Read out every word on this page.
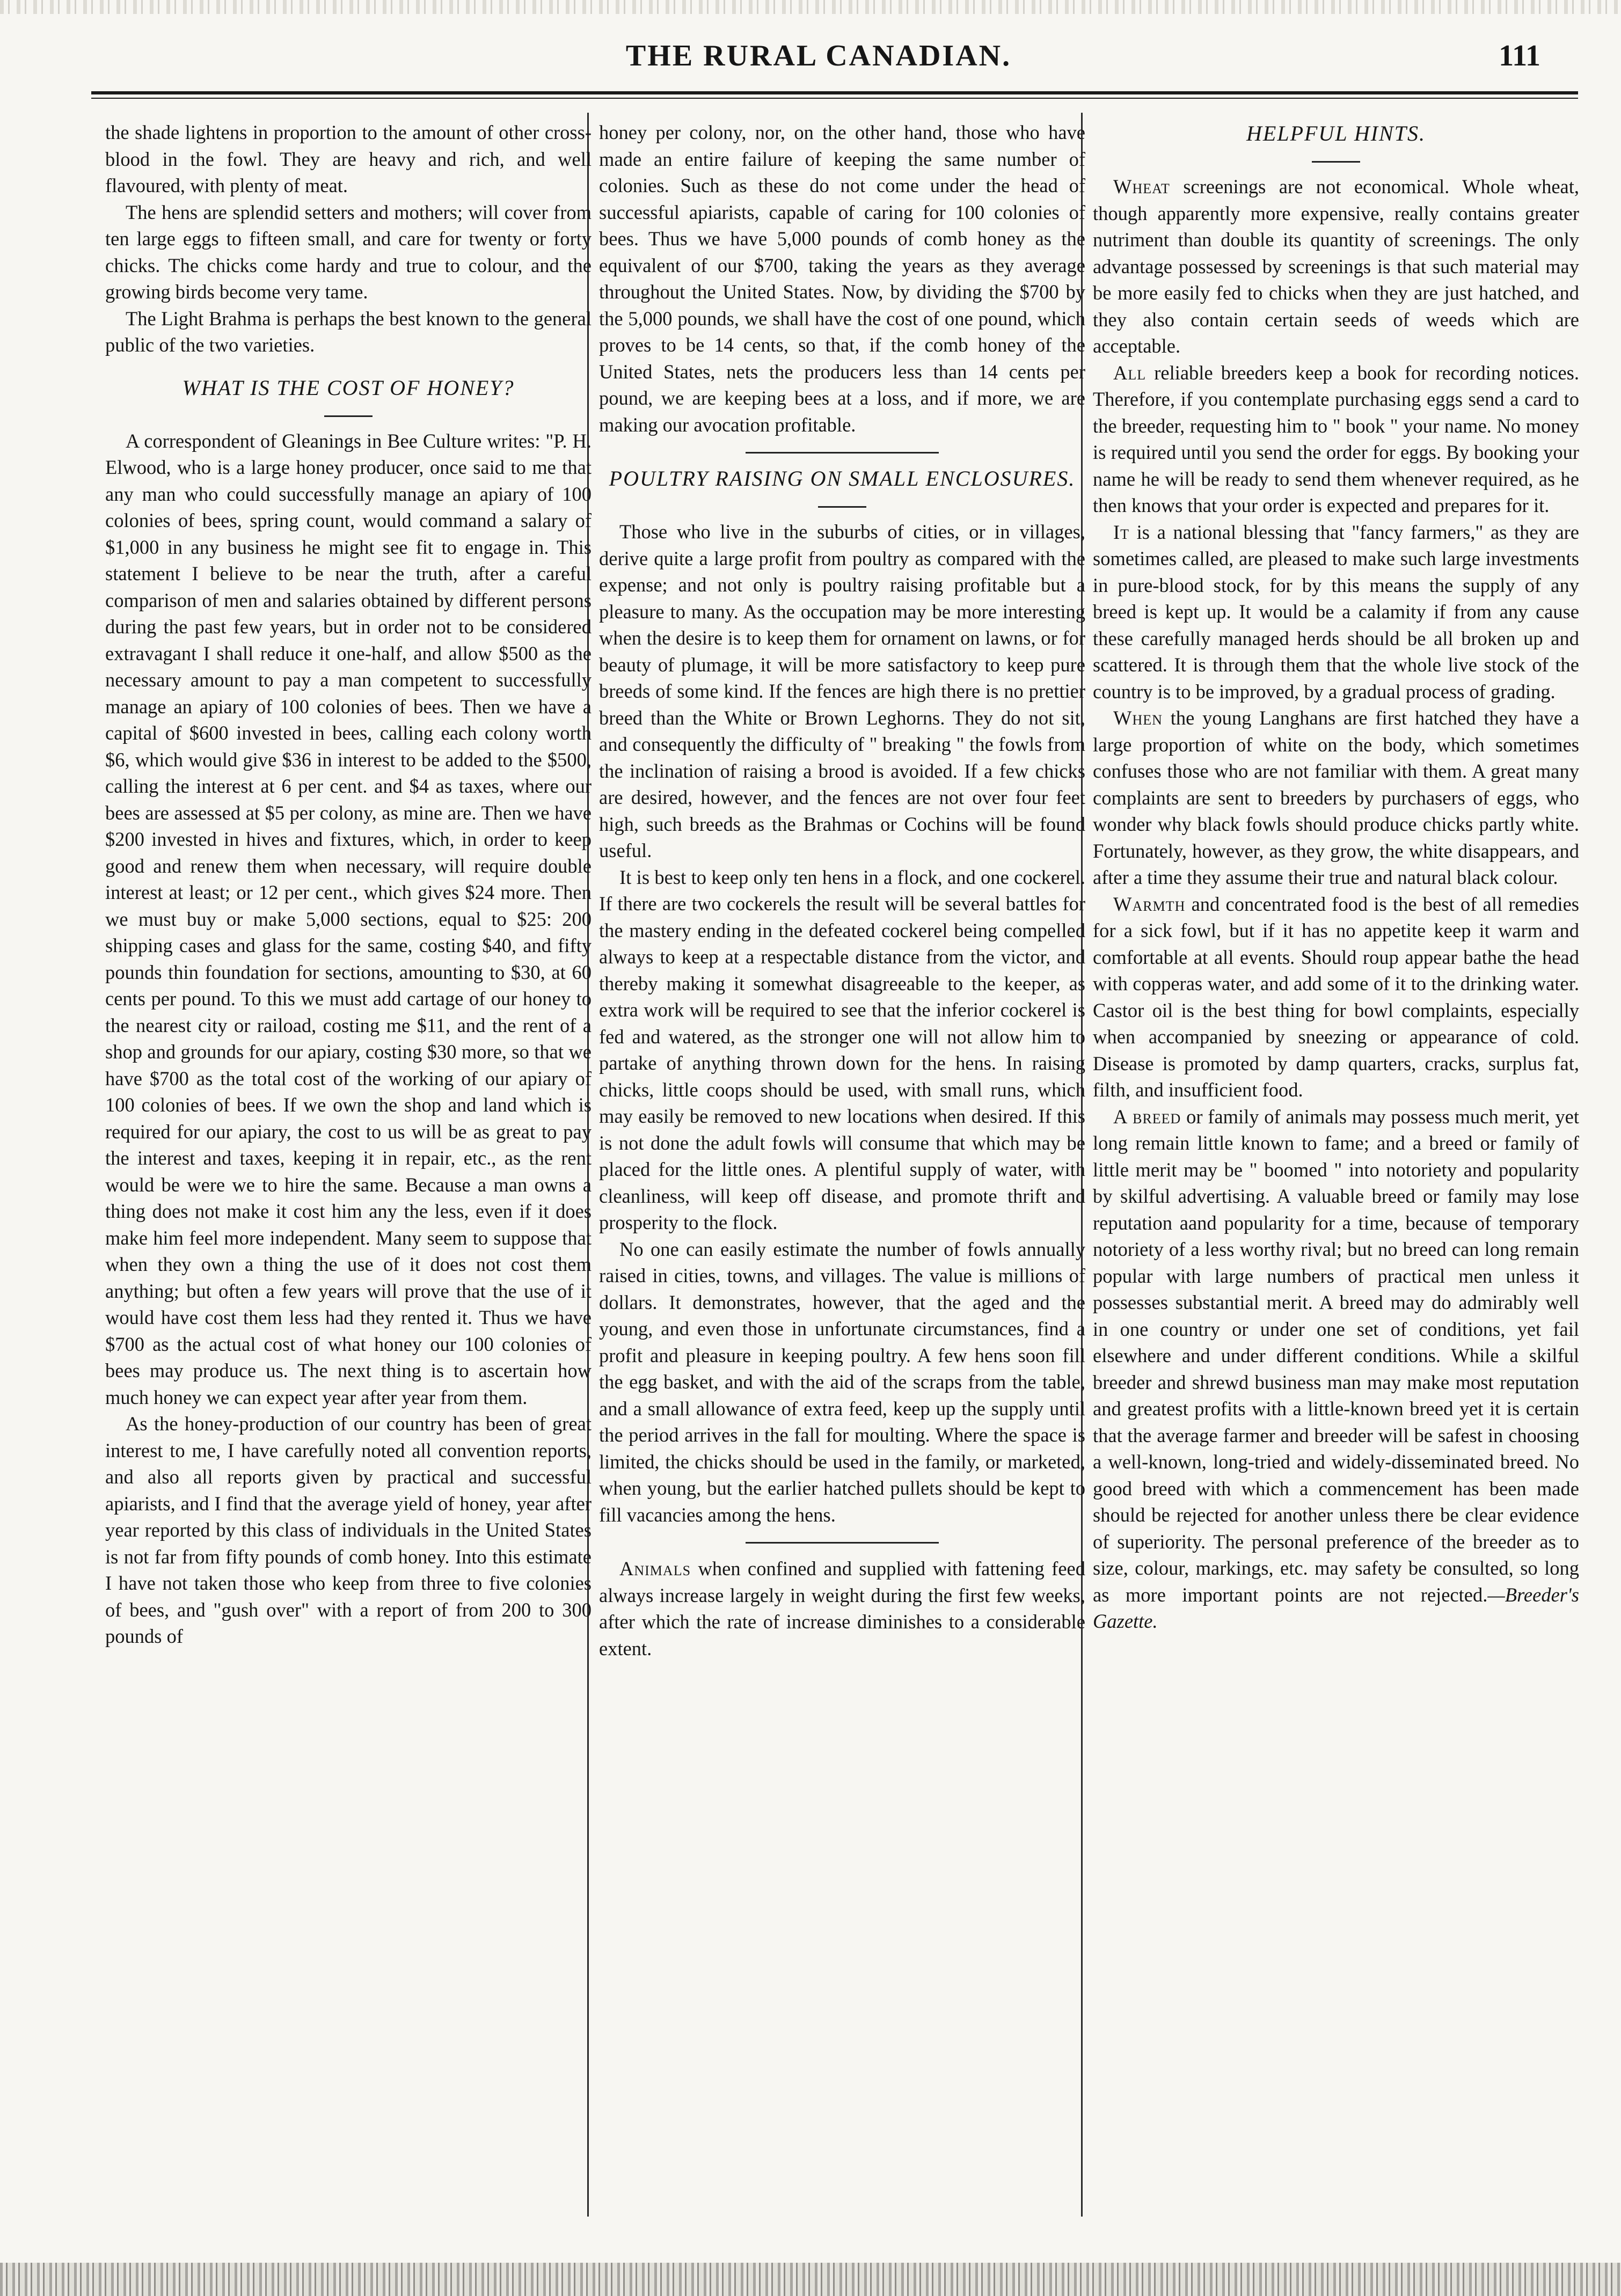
THE RURAL CANADIAN.	111

the shade lightens in proportion to the amount of other cross-blood in the fowl. They are heavy and rich, and well flavoured, with plenty of meat.

The hens are splendid setters and mothers; will cover from ten large eggs to fifteen small, and care for twenty or forty chicks. The chicks come hardy and true to colour, and the growing birds become very tame.

The Light Brahma is perhaps the best known to the general public of the two varieties.

WHAT IS THE COST OF HONEY?

A correspondent of Gleanings in Bee Culture writes: "P. H. Elwood, who is a large honey producer, once said to me that any man who could successfully manage an apiary of 100 colonies of bees, spring count, would command a salary of $1,000 in any business he might see fit to engage in. This statement I believe to be near the truth, after a careful comparison of men and salaries obtained by different persons during the past few years, but in order not to be considered extravagant I shall reduce it one-half, and allow $500 as the necessary amount to pay a man competent to successfully manage an apiary of 100 colonies of bees. Then we have a capital of $600 invested in bees, calling each colony worth $6, which would give $36 in interest to be added to the $500, calling the interest at 6 per cent. and $4 as taxes, where our bees are assessed at $5 per colony, as mine are. Then we have $200 invested in hives and fixtures, which, in order to keep good and renew them when necessary, will require double interest at least; or 12 per cent., which gives $24 more. Then we must buy or make 5,000 sections, equal to $25: 200 shipping cases and glass for the same, costing $40, and fifty pounds thin foundation for sections, amounting to $30, at 60 cents per pound. To this we must add cartage of our honey to the nearest city or raiload, costing me $11, and the rent of a shop and grounds for our apiary, costing $30 more, so that we have $700 as the total cost of the working of our apiary of 100 colonies of bees. If we own the shop and land which is required for our apiary, the cost to us will be as great to pay the interest and taxes, keeping it in repair, etc., as the rent would be were we to hire the same. Because a man owns a thing does not make it cost him any the less, even if it does make him feel more independent. Many seem to suppose that when they own a thing the use of it does not cost them anything; but often a few years will prove that the use of it would have cost them less had they rented it. Thus we have $700 as the actual cost of what honey our 100 colonies of bees may produce us. The next thing is to ascertain how much honey we can expect year after year from them.

As the honey-production of our country has been of great interest to me, I have carefully noted all convention reports, and also all reports given by practical and successful apiarists, and I find that the average yield of honey, year after year reported by this class of individuals in the United States is not far from fifty pounds of comb honey. Into this estimate I have not taken those who keep from three to five colonies of bees, and "gush over" with a report of from 200 to 300 pounds of

honey per colony, nor, on the other hand, those who have made an entire failure of keeping the same number of colonies. Such as these do not come under the head of successful apiarists, capable of caring for 100 colonies of bees. Thus we have 5,000 pounds of comb honey as the equivalent of our $700, taking the years as they average throughout the United States. Now, by dividing the $700 by the 5,000 pounds, we shall have the cost of one pound, which proves to be 14 cents, so that, if the comb honey of the United States, nets the producers less than 14 cents per pound, we are keeping bees at a loss, and if more, we are making our avocation profitable.

POULTRY RAISING ON SMALL ENCLOSURES.

Those who live in the suburbs of cities, or in villages, derive quite a large profit from poultry as compared with the expense; and not only is poultry raising profitable but a pleasure to many. As the occupation may be more interesting when the desire is to keep them for ornament on lawns, or for beauty of plumage, it will be more satisfactory to keep pure breeds of some kind. If the fences are high there is no prettier breed than the White or Brown Leghorns. They do not sit, and consequently the difficulty of " breaking " the fowls from the inclination of raising a brood is avoided. If a few chicks are desired, however, and the fences are not over four feet high, such breeds as the Brahmas or Cochins will be found useful.

It is best to keep only ten hens in a flock, and one cockerel. If there are two cockerels the result will be several battles for the mastery ending in the defeated cockerel being compelled always to keep at a respectable distance from the victor, and thereby making it somewhat disagreeable to the keeper, as extra work will be required to see that the inferior cockerel is fed and watered, as the stronger one will not allow him to partake of anything thrown down for the hens. In raising chicks, little coops should be used, with small runs, which may easily be removed to new locations when desired. If this is not done the adult fowls will consume that which may be placed for the little ones. A plentiful supply of water, with cleanliness, will keep off disease, and promote thrift and prosperity to the flock.

No one can easily estimate the number of fowls annually raised in cities, towns, and villages. The value is millions of dollars. It demonstrates, however, that the aged and the young, and even those in unfortunate circumstances, find a profit and pleasure in keeping poultry. A few hens soon fill the egg basket, and with the aid of the scraps from the table, and a small allowance of extra feed, keep up the supply until the period arrives in the fall for moulting. Where the space is limited, the chicks should be used in the family, or marketed, when young, but the earlier hatched pullets should be kept to fill vacancies among the hens.

Animals when confined and supplied with fattening feed always increase largely in weight during the first few weeks, after which the rate of increase diminishes to a considerable extent.

HELPFUL HINTS.

Wheat screenings are not economical. Whole wheat, though apparently more expensive, really contains greater nutriment than double its quantity of screenings. The only advantage possessed by screenings is that such material may be more easily fed to chicks when they are just hatched, and they also contain certain seeds of weeds which are acceptable.

All reliable breeders keep a book for recording notices. Therefore, if you contemplate purchasing eggs send a card to the breeder, requesting him to " book " your name. No money is required until you send the order for eggs. By booking your name he will be ready to send them whenever required, as he then knows that your order is expected and prepares for it.

It is a national blessing that "fancy farmers," as they are sometimes called, are pleased to make such large investments in pure-blood stock, for by this means the supply of any breed is kept up. It would be a calamity if from any cause these carefully managed herds should be all broken up and scattered. It is through them that the whole live stock of the country is to be improved, by a gradual process of grading.

When the young Langhans are first hatched they have a large proportion of white on the body, which sometimes confuses those who are not familiar with them. A great many complaints are sent to breeders by purchasers of eggs, who wonder why black fowls should produce chicks partly white. Fortunately, however, as they grow, the white disappears, and after a time they assume their true and natural black colour.

Warmth and concentrated food is the best of all remedies for a sick fowl, but if it has no appetite keep it warm and comfortable at all events. Should roup appear bathe the head with copperas water, and add some of it to the drinking water. Castor oil is the best thing for bowl complaints, especially when accompanied by sneezing or appearance of cold. Disease is promoted by damp quarters, cracks, surplus fat, filth, and insufficient food.

A breed or family of animals may possess much merit, yet long remain little known to fame; and a breed or family of little merit may be " boomed " into notoriety and popularity by skilful advertising. A valuable breed or family may lose reputation aand popularity for a time, because of temporary notoriety of a less worthy rival; but no breed can long remain popular with large numbers of practical men unless it possesses substantial merit. A breed may do admirably well in one country or under one set of conditions, yet fail elsewhere and under different conditions. While a skilful breeder and shrewd business man may make most reputation and greatest profits with a little-known breed yet it is certain that the average farmer and breeder will be safest in choosing a well-known, long-tried and widely-disseminated breed. No good breed with which a commencement has been made should be rejected for another unless there be clear evidence of superiority. The personal preference of the breeder as to size, colour, markings, etc. may safety be consulted, so long as more important points are not rejected.—Breeder's Gazette.
